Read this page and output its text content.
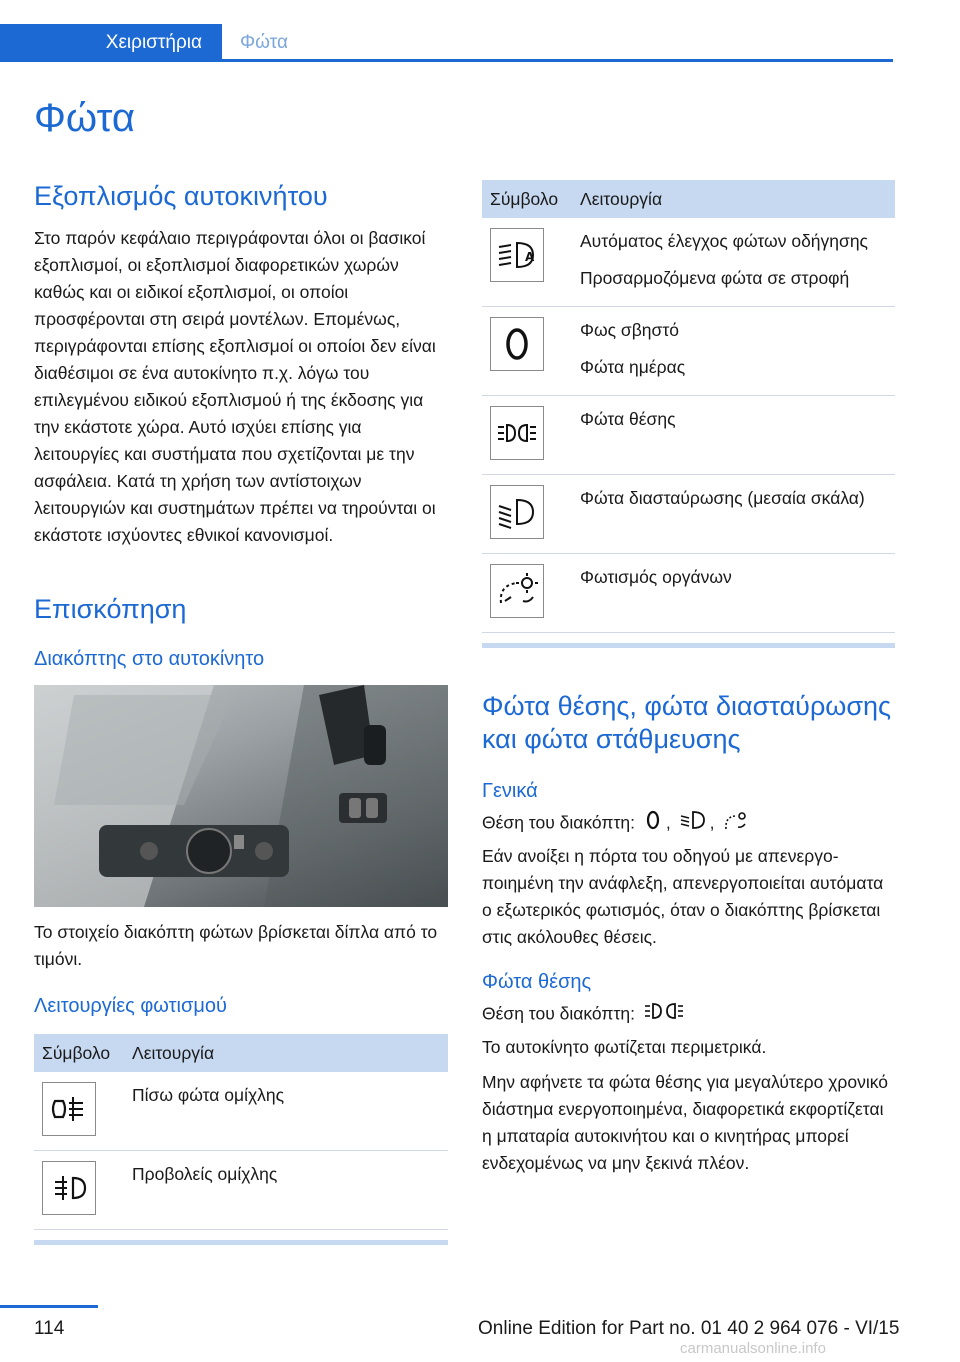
Χειριστήρια Φώτα
Φώτα
Εξοπλισμός αυτοκινήτου

Στο παρόν κεφάλαιο περιγράφονται όλοι οι βασικοί εξοπλισμοί, οι εξοπλισμοί διαφορετικών χωρών καθώς και οι ειδικοί εξοπλισμοί, οι οποίοι προσφέρονται στη σειρά μοντέλων. Επομένως, περιγράφονται επίσης εξοπλισμοί οι οποίοι δεν είναι διαθέσιμοι σε ένα αυτοκίνητο π.χ. λόγω του επιλεγμένου ειδικού εξοπλισμού ή της έκδοσης για την εκάστοτε χώρα. Αυτό ισχύει επίσης για λειτουργίες και συστήματα που σχετίζονται με την ασφάλεια. Κατά τη χρήση των αντίστοιχων λειτουργιών και συστημάτων πρέπει να τηρούνται οι εκάστοτε ισχύοντες εθνικοί κανονισμοί.

Επισκόπηση
Διακόπτης στο αυτοκίνητο

Το στοιχείο διακόπτη φώτων βρίσκεται δίπλα από το τιμόνι.

Λειτουργίες φωτισμού
Σύμβολο	Λειτουργία

	Πίσω φώτα ομίχλης

	Προβολείς ομίχλης
Σύμβολο	Λειτουργία

A	Αυτόματος έλεγχος φώτων οδήγησης
Προσαρμοζόμενα φώτα σε στροφή

Φως σβηστό
Φώτα ημέρας

Φώτα θέσης

Φώτα διασταύρωσης (μεσαία σκάλα)

Φωτισμός οργάνων
Φώτα θέσης, φώτα διασταύρωσης και φώτα στάθμευσης
Γενικά

Θέση του διακόπτη: , ,

Εάν ανοίξει η πόρτα του οδηγού με απενεργοποιημένη την ανάφλεξη, απενεργοποιείται αυτόματα ο εξωτερικός φωτισμός, όταν ο διακόπτης βρίσκεται στις ακόλουθες θέσεις.

Φώτα θέσης

Θέση του διακόπτη:

Το αυτοκίνητο φωτίζεται περιμετρικά.

Μην αφήνετε τα φώτα θέσης για μεγαλύτερο χρονικό διάστημα ενεργοποιημένα, διαφορετικά εκφορτίζεται η μπαταρία αυτοκινήτου και ο κινητήρας μπορεί ενδεχομένως να μην ξεκινά πλέον.

114	Online Edition for Part no. 01 40 2 964 076 - VI/15
carmanualsonline.info
